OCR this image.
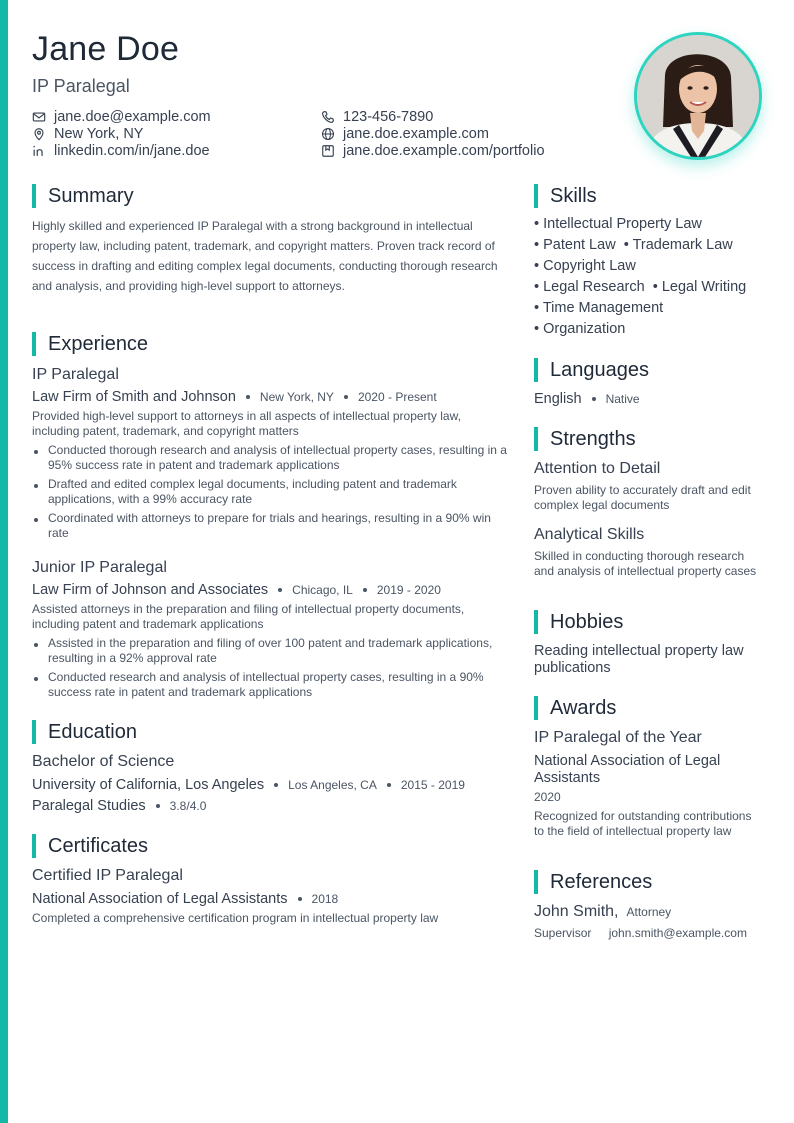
Jane Doe
IP Paralegal
jane.doe@example.com	123-456-7890
New York, NY	jane.doe.example.com
linkedin.com/in/jane.doe	jane.doe.example.com/portfolio
Summary
Highly skilled and experienced IP Paralegal with a strong background in intellectual property law, including patent, trademark, and copyright matters. Proven track record of success in drafting and editing complex legal documents, conducting thorough research and analysis, and providing high-level support to attorneys.
Experience
IP Paralegal
Law Firm of Smith and Johnson New York, NY 2020 - Present
Provided high-level support to attorneys in all aspects of intellectual property law, including patent, trademark, and copyright matters
Conducted thorough research and analysis of intellectual property cases, resulting in a 95% success rate in patent and trademark applications
Drafted and edited complex legal documents, including patent and trademark applications, with a 99% accuracy rate
Coordinated with attorneys to prepare for trials and hearings, resulting in a 90% win rate
Junior IP Paralegal
Law Firm of Johnson and Associates Chicago, IL 2019 - 2020
Assisted attorneys in the preparation and filing of intellectual property documents, including patent and trademark applications
Assisted in the preparation and filing of over 100 patent and trademark applications, resulting in a 92% approval rate
Conducted research and analysis of intellectual property cases, resulting in a 90% success rate in patent and trademark applications
Education
Bachelor of Science
University of California, Los Angeles Los Angeles, CA 2015 - 2019
Paralegal Studies 3.8/4.0
Certificates
Certified IP Paralegal
National Association of Legal Assistants 2018
Completed a comprehensive certification program in intellectual property law
Skills
• Intellectual Property Law
• Patent Law • Trademark Law
• Copyright Law
• Legal Research • Legal Writing
• Time Management
• Organization
Languages
English Native
Strengths
Attention to Detail
Proven ability to accurately draft and edit complex legal documents
Analytical Skills
Skilled in conducting thorough research and analysis of intellectual property cases
Hobbies
Reading intellectual property law publications
Awards
IP Paralegal of the Year
National Association of Legal Assistants
2020
Recognized for outstanding contributions to the field of intellectual property law
References
John Smith, Attorney
Supervisor john.smith@example.com
